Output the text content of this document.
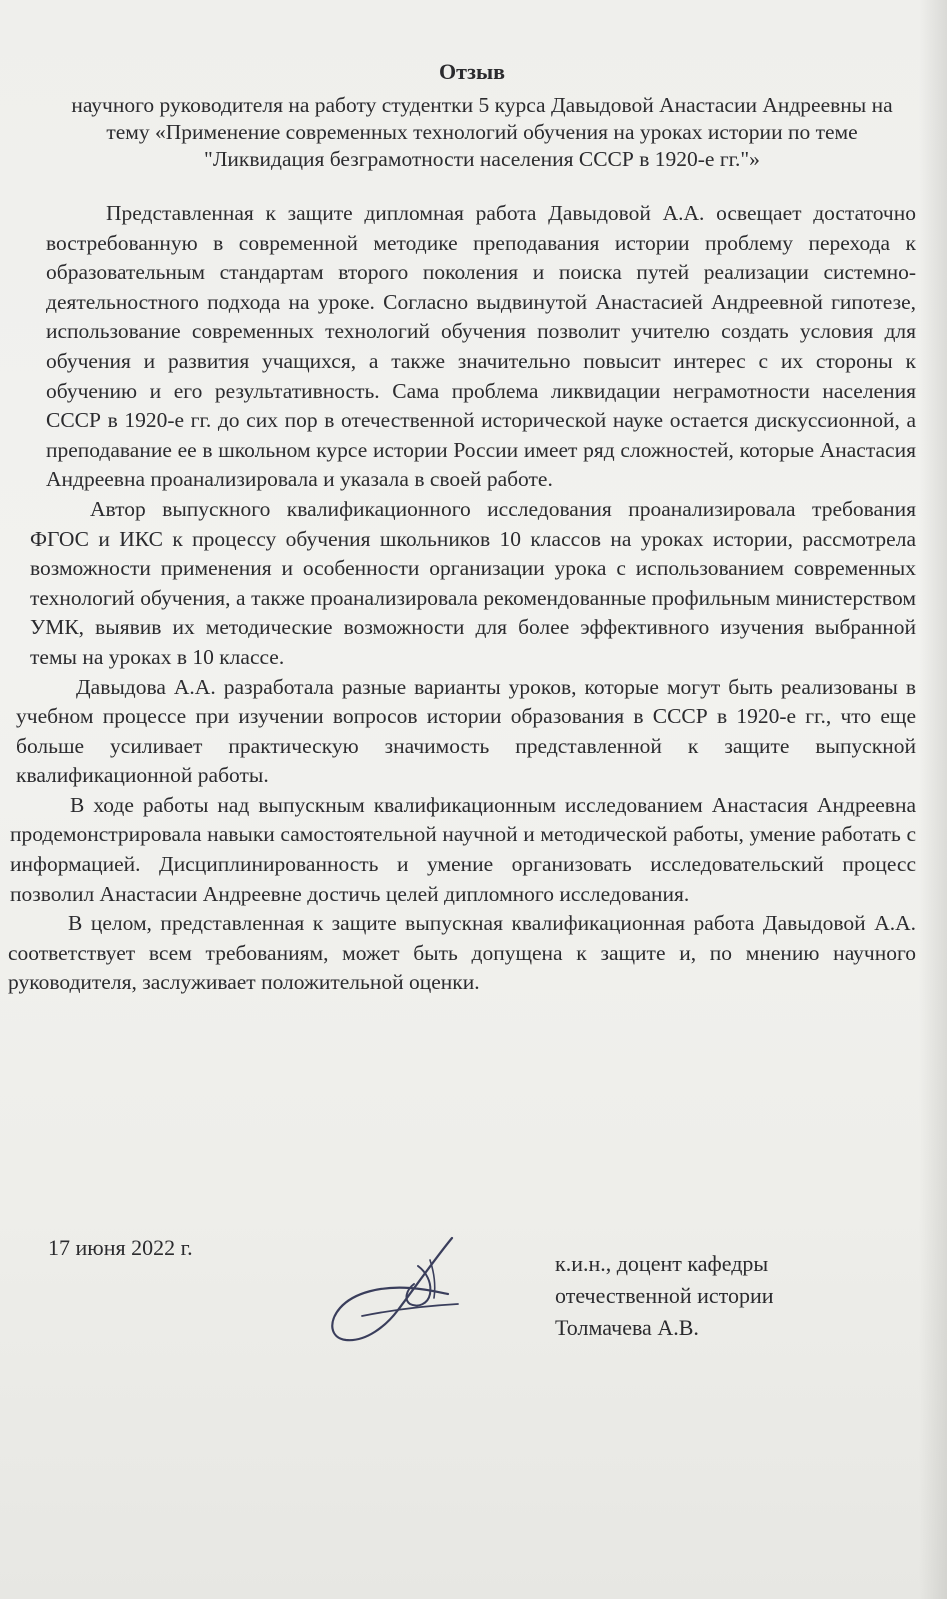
Отзыв
научного руководителя на работу студентки 5 курса Давыдовой Анастасии Андреевны на тему «Применение современных технологий обучения на уроках истории по теме "Ликвидация безграмотности населения СССР в 1920-е гг."»

Представленная к защите дипломная работа Давыдовой А.А. освещает достаточно востребованную в современной методике преподавания истории проблему перехода к образовательным стандартам второго поколения и поиска путей реализации системно-деятельностного подхода на уроке. Согласно выдвинутой Анастасией Андреевной гипотезе, использование современных технологий обучения позволит учителю создать условия для обучения и развития учащихся, а также значительно повысит интерес с их стороны к обучению и его результативность. Сама проблема ликвидации неграмотности населения СССР в 1920-е гг. до сих пор в отечественной исторической науке остается дискуссионной, а преподавание ее в школьном курсе истории России имеет ряд сложностей, которые Анастасия Андреевна проанализировала и указала в своей работе.

Автор выпускного квалификационного исследования проанализировала требования ФГОС и ИКС к процессу обучения школьников 10 классов на уроках истории, рассмотрела возможности применения и особенности организации урока с использованием современных технологий обучения, а также проанализировала рекомендованные профильным министерством УМК, выявив их методические возможности для более эффективного изучения выбранной темы на уроках в 10 классе.

Давыдова А.А. разработала разные варианты уроков, которые могут быть реализованы в учебном процессе при изучении вопросов истории образования в СССР в 1920-е гг., что еще больше усиливает практическую значимость представленной к защите выпускной квалификационной работы.

В ходе работы над выпускным квалификационным исследованием Анастасия Андреевна продемонстрировала навыки самостоятельной научной и методической работы, умение работать с информацией. Дисциплинированность и умение организовать исследовательский процесс позволил Анастасии Андреевне достичь целей дипломного исследования.

В целом, представленная к защите выпускная квалификационная работа Давыдовой А.А. соответствует всем требованиям, может быть допущена к защите и, по мнению научного руководителя, заслуживает положительной оценки.

17 июня 2022 г.
к.и.н., доцент кафедры
отечественной истории
Толмачева А.В.
